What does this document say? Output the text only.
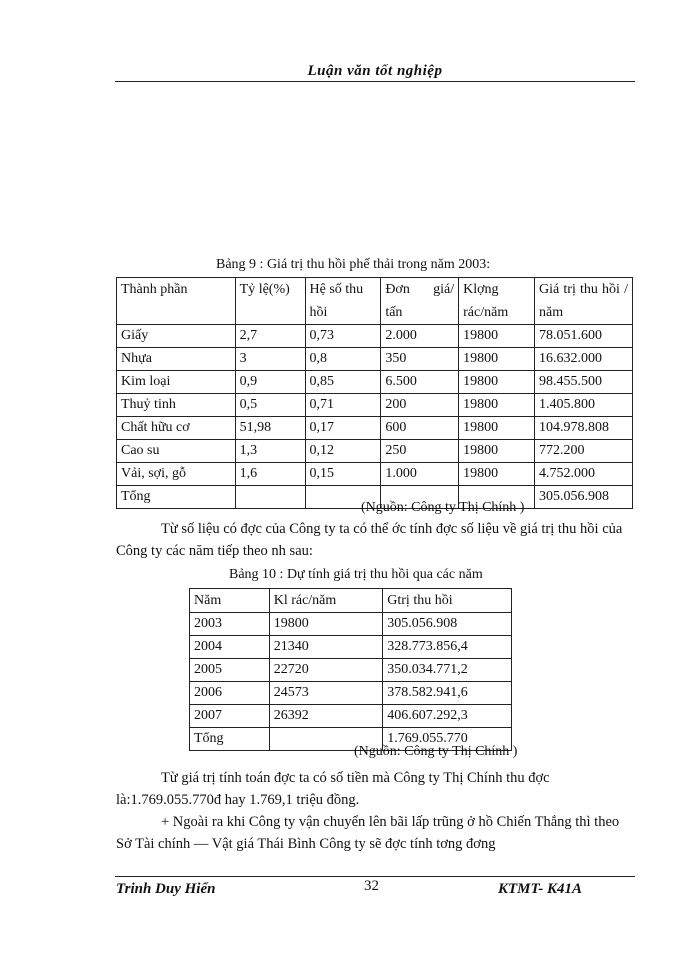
Luận văn tốt nghiệp
Bảng 9 : Giá trị thu hồi phế thải trong năm 2003:
Thành phần	Tỷ lệ(%)	Hệ số thu hồi	Đơn giá/ tấn	Klợng rác/năm	Giá trị thu hồi / năm
Giấy	2,7	0,73	2.000	19800	78.051.600
Nhựa	3	0,8	350	19800	16.632.000
Kim loại	0,9	0,85	6.500	19800	98.455.500
Thuỷ tinh	0,5	0,71	200	19800	1.405.800
Chất hữu cơ	51,98	0,17	600	19800	104.978.808
Cao su	1,3	0,12	250	19800	772.200
Vải, sợi, gỗ	1,6	0,15	1.000	19800	4.752.000
Tổng					305.056.908
(Nguồn: Công ty Thị Chính )
Từ số liệu có đợc của Công ty ta có thể ớc tính đợc số liệu về giá trị thu hồi của Công ty các năm tiếp theo nh sau:
Bảng 10 : Dự tính giá trị thu hồi qua các năm
Năm	Kl rác/năm	Gtrị thu hồi
2003	19800	305.056.908
2004	21340	328.773.856,4
2005	22720	350.034.771,2
2006	24573	378.582.941,6
2007	26392	406.607.292,3
Tổng		1.769.055.770
(Nguồn: Công ty Thị Chính )
Từ giá trị tính toán đợc ta có số tiền mà Công ty Thị Chính thu đợc là:1.769.055.770đ hay 1.769,1 triệu đồng.
+ Ngoài ra khi Công ty vận chuyển lên bãi lấp trũng ở hồ Chiến Thắng thì theo Sở Tài chính — Vật giá Thái Bình Công ty sẽ đợc tính tơng đơng
Trinh Duy Hiển	32	KTMT- K41A
